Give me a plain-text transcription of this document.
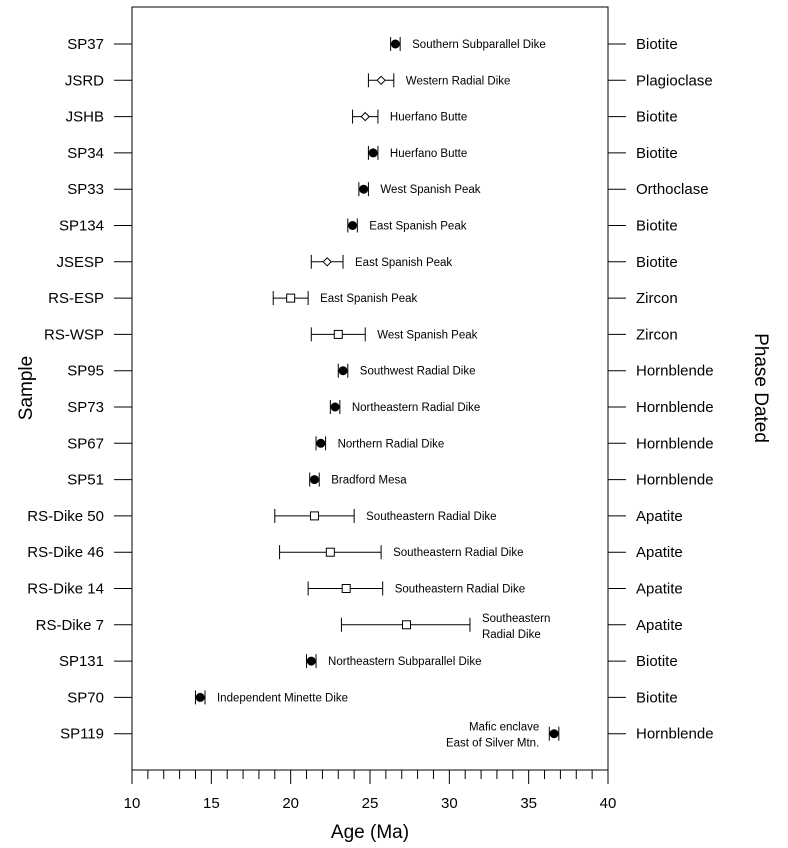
10	15	20	25	30	35	40
SP37	Biotite
Southern Subparallel Dike
JSRD	Plagioclase
Western Radial Dike
JSHB	Biotite
Huerfano Butte
SP34	Biotite
Huerfano Butte
SP33	Orthoclase
West Spanish Peak
SP134	Biotite
East Spanish Peak
JSESP	Biotite
East Spanish Peak
RS-ESP	Zircon
East Spanish Peak
RS-WSP	Zircon
West Spanish Peak
SP95	Hornblende
Southwest Radial Dike
SP73	Hornblende
Northeastern Radial Dike
SP67	Hornblende
Northern Radial Dike
SP51	Hornblende
Bradford Mesa
RS-Dike 50	Apatite
Southeastern Radial Dike
RS-Dike 46	Apatite
Southeastern Radial Dike
RS-Dike 14	Apatite
Southeastern Radial Dike
RS-Dike 7	Apatite
Southeastern
Radial Dike
SP131	Biotite
Northeastern Subparallel Dike
SP70	Biotite
Independent Minette Dike
SP119	Hornblende
Mafic enclave
East of Silver Mtn.
Age (Ma)
Sample	Phase Dated
